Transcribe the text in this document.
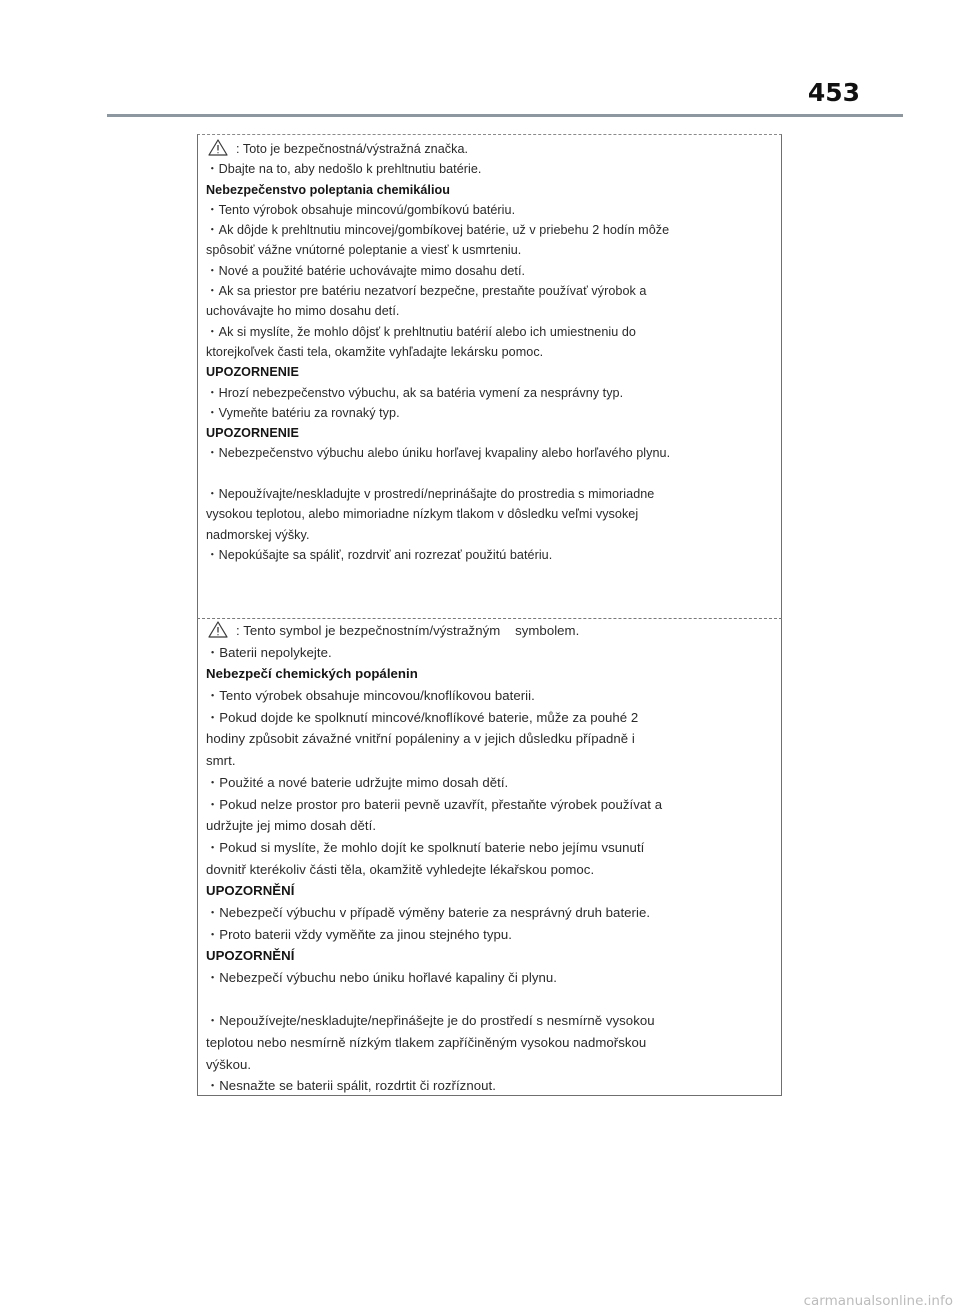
453
: Toto je bezpečnostná/výstražná značka.
・Dbajte na to, aby nedošlo k prehltnutiu batérie.
Nebezpečenstvo poleptania chemikáliou
・Tento výrobok obsahuje mincovú/gombíkovú batériu.
・Ak dôjde k prehltnutiu mincovej/gombíkovej batérie, už v priebehu 2 hodín môže
spôsobiť vážne vnútorné poleptanie a viesť k usmrteniu.
・Nové a použité batérie uchovávajte mimo dosahu detí.
・Ak sa priestor pre batériu nezatvorí bezpečne, prestaňte používať výrobok a
uchovávajte ho mimo dosahu detí.
・Ak si myslíte, že mohlo dôjsť k prehltnutiu batérií alebo ich umiestneniu do
ktorejkoľvek časti tela, okamžite vyhľadajte lekársku pomoc.
UPOZORNENIE
・Hrozí nebezpečenstvo výbuchu, ak sa batéria vymení za nesprávny typ.
・Vymeňte batériu za rovnaký typ.
UPOZORNENIE
・Nebezpečenstvo výbuchu alebo úniku horľavej kvapaliny alebo horľavého plynu.
・Nepoužívajte/neskladujte v prostredí/neprinášajte do prostredia s mimoriadne
vysokou teplotou, alebo mimoriadne nízkym tlakom v dôsledku veľmi vysokej
nadmorskej výšky.
・Nepokúšajte sa spáliť, rozdrviť ani rozrezať použitú batériu.
: Tento symbol je bezpečnostním/výstražným    symbolem.
・Baterii nepolykejte.
Nebezpečí chemických popálenin
・Tento výrobek obsahuje mincovou/knoflíkovou baterii.
・Pokud dojde ke spolknutí mincové/knoflíkové baterie, může za pouhé 2
hodiny způsobit závažné vnitřní popáleniny a v jejich důsledku případně i
smrt.
・Použité a nové baterie udržujte mimo dosah dětí.
・Pokud nelze prostor pro baterii pevně uzavřít, přestaňte výrobek používat a
udržujte jej mimo dosah dětí.
・Pokud si myslíte, že mohlo dojít ke spolknutí baterie nebo jejímu vsunutí
dovnitř kterékoliv části těla, okamžitě vyhledejte lékařskou pomoc.
UPOZORNĚNÍ
・Nebezpečí výbuchu v případě výměny baterie za nesprávný druh baterie.
・Proto baterii vždy vyměňte za jinou stejného typu.
UPOZORNĚNÍ
・Nebezpečí výbuchu nebo úniku hořlavé kapaliny či plynu.
・Nepoužívejte/neskladujte/nepřinášejte je do prostředí s nesmírně vysokou
teplotou nebo nesmírně nízkým tlakem zapříčiněným vysokou nadmořskou
výškou.
・Nesnažte se baterii spálit, rozdrtit či rozříznout.
carmanualsonline.info
